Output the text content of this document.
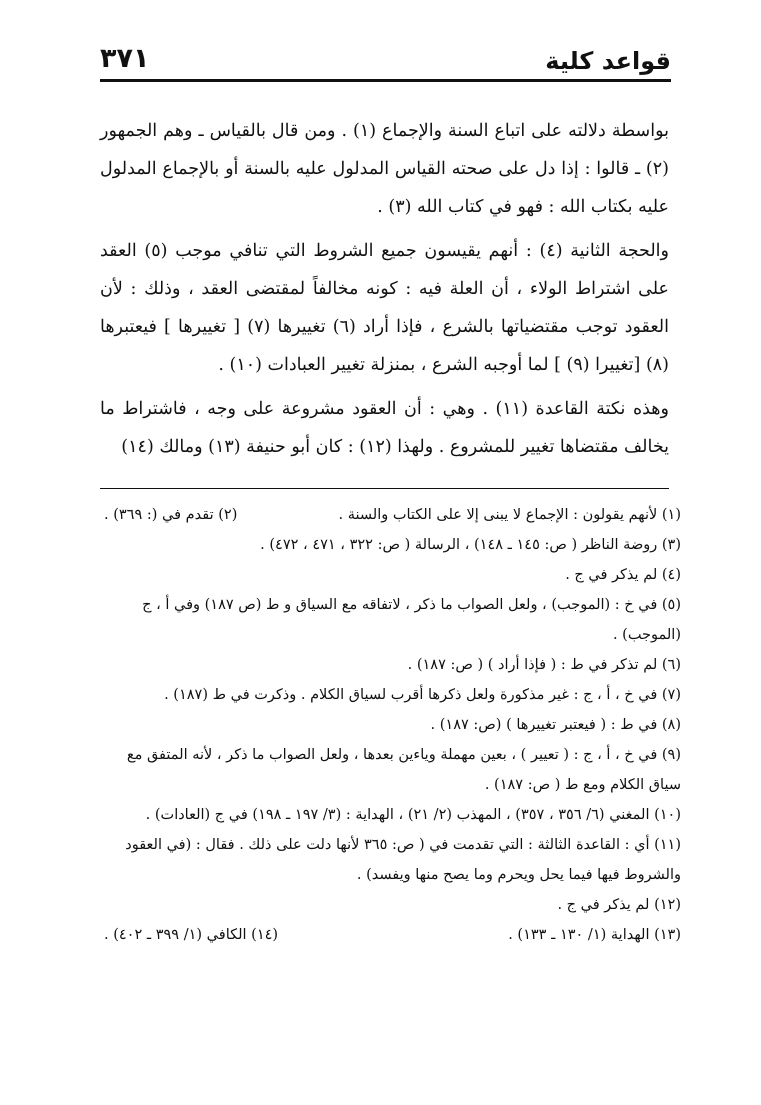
قواعد كلية
٣٧١

بواسطة دلالته على اتباع السنة والإجماع (١) . ومن قال بالقياس ـ وهم الجمهور (٢) ـ قالوا : إذا دل على صحته القياس المدلول عليه بالسنة أو بالإجماع المدلول عليه بكتاب الله : فهو في كتاب الله (٣) .

والحجة الثانية (٤) : أنهم يقيسون جميع الشروط التي تنافي موجب (٥) العقد على اشتراط الولاء ، أن العلة فيه : كونه مخالفاً لمقتضى العقد ، وذلك : لأن العقود توجب مقتضياتها بالشرع ، فإذا أراد (٦) تغييرها (٧) [ تغييرها ] فيعتبرها (٨) [تغييرا (٩) ] لما أوجبه الشرع ، بمنزلة تغيير العبادات (١٠) .

وهذه نكتة القاعدة (١١) . وهي : أن العقود مشروعة على وجه ، فاشتراط ما يخالف مقتضاها تغيير للمشروع . ولهذا (١٢) : كان أبو حنيفة (١٣) ومالك (١٤)

(١) لأنهم يقولون : الإجماع لا يبنى إلا على الكتاب والسنة .

(٢) تقدم في (: ٣٦٩) .

(٣) روضة الناظر ( ص: ١٤٥ ـ ١٤٨) ، الرسالة ( ص: ٣٢٢ ، ٤٧١ ، ٤٧٢) .

(٤) لم يذكر في ج .

(٥) في خ : (الموجب) ، ولعل الصواب ما ذكر ، لاتفاقه مع السياق و ط (ص ١٨٧) وفي أ ، ج (الموجب) .

(٦) لم تذكر في ط : ( فإذا أراد ) ( ص: ١٨٧) .

(٧) في خ ، أ ، ج : غير مذكورة ولعل ذكرها أقرب لسياق الكلام . وذكرت في ط (١٨٧) .

(٨) في ط : ( فيعتبر تغييرها ) (ص: ١٨٧) .

(٩) في خ ، أ ، ج : ( تعيير ) ، بعين مهملة وياءين بعدها ، ولعل الصواب ما ذكر ، لأنه المتفق مع سياق الكلام ومع ط ( ص: ١٨٧) .

(١٠) المغني (٦/ ٣٥٦ ، ٣٥٧) ، المهذب (٢/ ٢١) ، الهداية : (٣/ ١٩٧ ـ ١٩٨) في ج (العادات) .

(١١) أي : القاعدة الثالثة : التي تقدمت في ( ص: ٣٦٥ لأنها دلت على ذلك . فقال : (في العقود والشروط فيها فيما يحل ويحرم وما يصح منها ويفسد) .

(١٢) لم يذكر في ج .

(١٣) الهداية (١/ ١٣٠ ـ ١٣٣) .

(١٤) الكافي (١/ ٣٩٩ ـ ٤٠٢) .
